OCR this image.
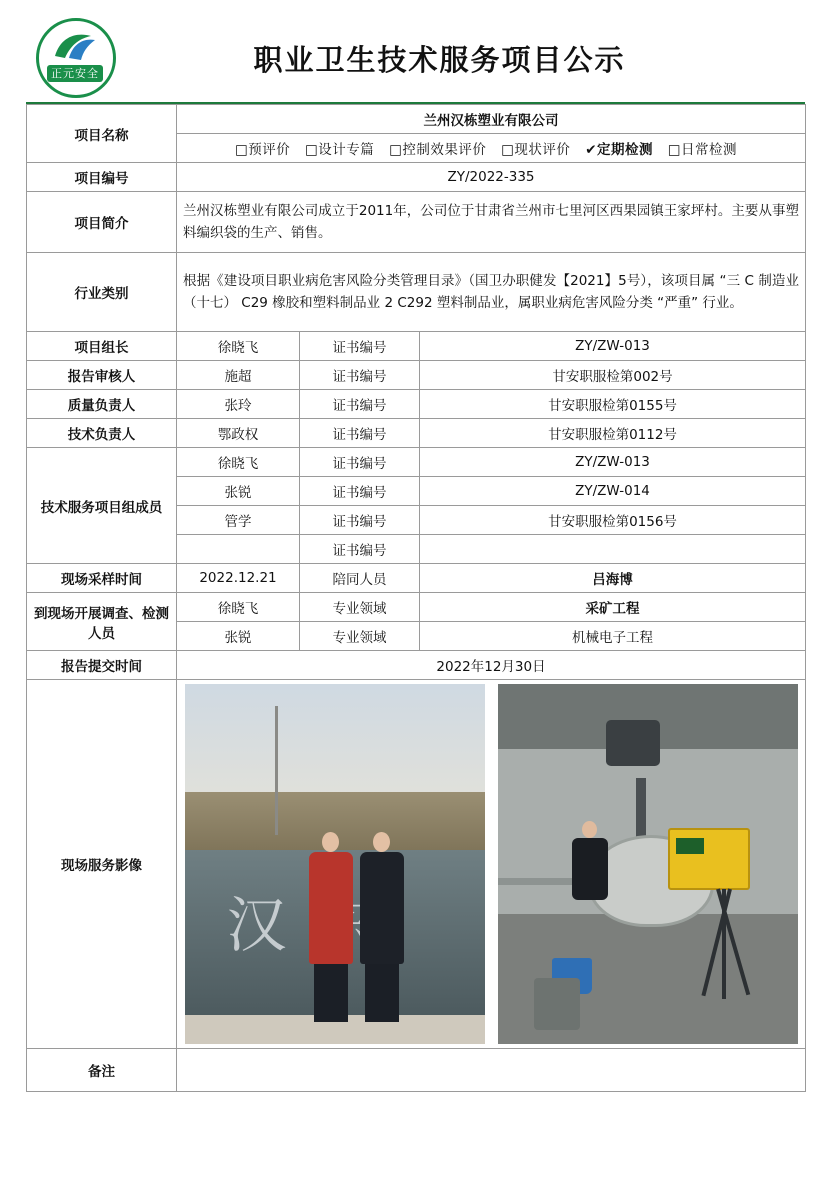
正元安全	职业卫生技术服务项目公示
项目名称	兰州汉栋塑业有限公司		
	□预评价 □设计专篇 □控制效果评价 □现状评价 ✔定期检测 □日常检测		
项目编号	ZY/2022-335		
项目简介	兰州汉栋塑业有限公司成立于2011年，公司位于甘肃省兰州市七里河区西果园镇王家坪村。主要从事塑料编织袋的生产、销售。		
行业类别	根据《建设项目职业病危害风险分类管理目录》（国卫办职健发【2021】5号），该项目属 “三 C 制造业（十七） C29 橡胶和塑料制品业 2 C292 塑料制品业，属职业病危害风险分类 “严重” 行业。		
项目组长	徐晓飞	证书编号	ZY/ZW-013
报告审核人	施超	证书编号	甘安职服检第002号
质量负责人	张玲	证书编号	甘安职服检第0155号
技术负责人	鄂政权	证书编号	甘安职服检第0112号
技术服务项目组成员	徐晓飞	证书编号	ZY/ZW-013
	张锐	证书编号	ZY/ZW-014
	管学	证书编号	甘安职服检第0156号
		证书编号	
现场采样时间	2022.12.21	陪同人员	吕海博
到现场开展调查、检测人员	徐晓飞	专业领域	采矿工程
	张锐	专业领域	机械电子工程
报告提交时间	2022年12月30日		
现场服务影像	汉		

备注			
